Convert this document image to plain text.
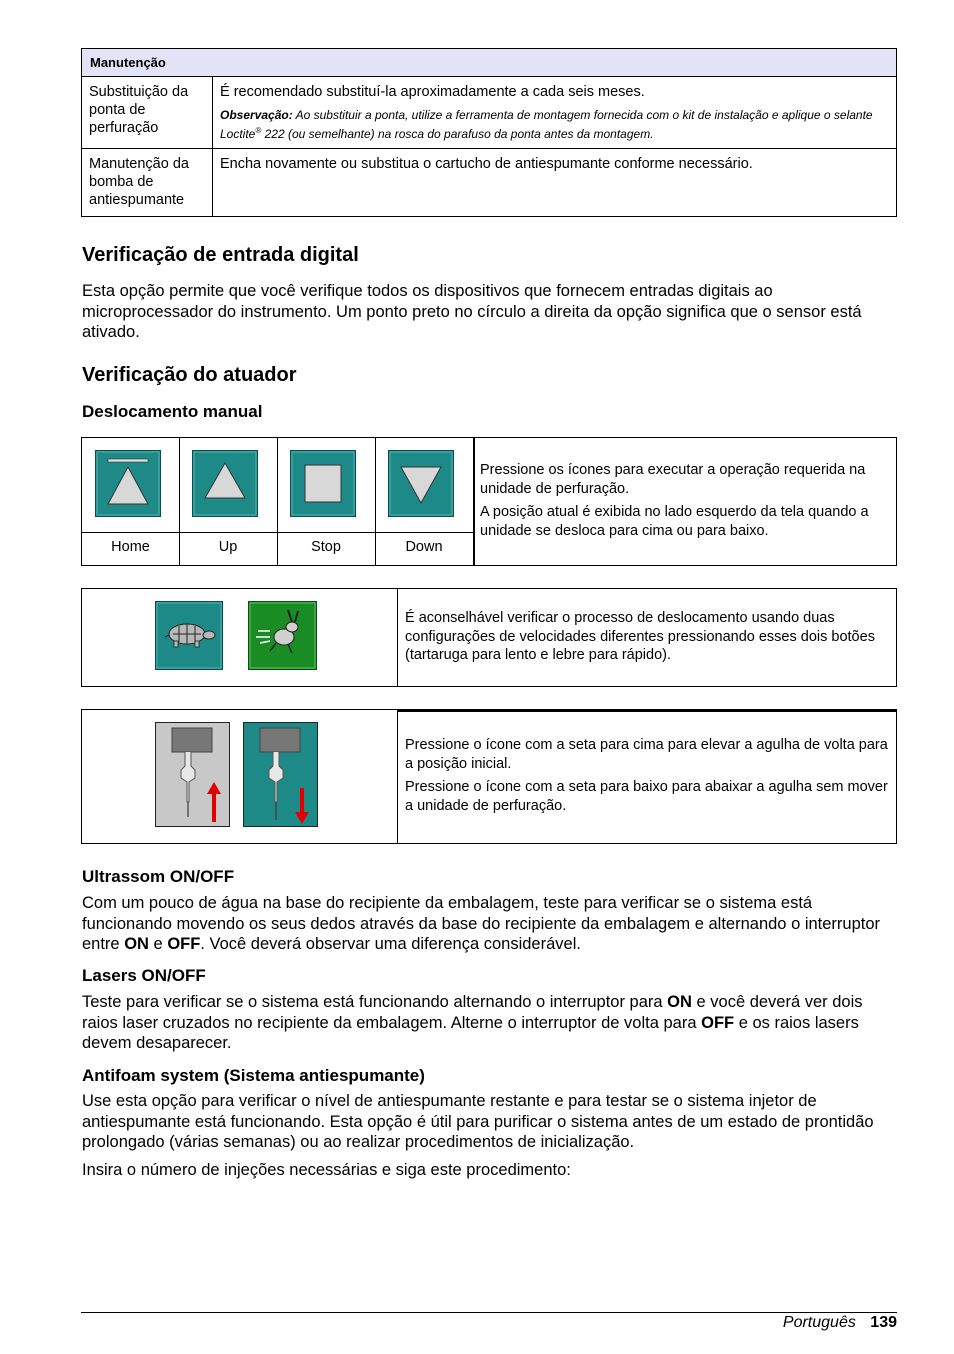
Manutenção	
Substituição da ponta de perfuração	É recomendado substituí-la aproximadamente a cada seis meses.
Observação: Ao substituir a ponta, utilize a ferramenta de montagem fornecida com o kit de instalação e aplique o selante Loctite® 222 (ou semelhante) na rosca do parafuso da ponta antes da montagem.

Manutenção da bomba de antiespumante	Encha novamente ou substitua o cartucho de antiespumante conforme necessário.
Verificação de entrada digital

Esta opção permite que você verifique todos os dispositivos que fornecem entradas digitais ao microprocessador do instrumento. Um ponto preto no círculo a direita da opção significa que o sensor está ativado.

Verificação do atuador
Deslocamento manual
Home	Up	Stop	Down
Pressione os ícones para executar a operação requerida na unidade de perfuração.
A posição atual é exibida no lado esquerdo da tela quando a unidade se desloca para cima ou para baixo.
É aconselhável verificar o processo de deslocamento usando duas configurações de velocidades diferentes pressionando esses dois botões (tartaruga para lento e lebre para rápido).
Pressione o ícone com a seta para cima para elevar a agulha de volta para a posição inicial.
Pressione o ícone com a seta para baixo para abaixar a agulha sem mover a unidade de perfuração.
Ultrassom ON/OFF

Com um pouco de água na base do recipiente da embalagem, teste para verificar se o sistema está funcionando movendo os seus dedos através da base do recipiente da embalagem e alternando o interruptor entre ON e OFF. Você deverá observar uma diferença considerável.

Lasers ON/OFF

Teste para verificar se o sistema está funcionando alternando o interruptor para ON e você deverá ver dois raios laser cruzados no recipiente da embalagem. Alterne o interruptor de volta para OFF e os raios lasers devem desaparecer.

Antifoam system (Sistema antiespumante)

Use esta opção para verificar o nível de antiespumante restante e para testar se o sistema injetor de antiespumante está funcionando. Esta opção é útil para purificar o sistema antes de um estado de prontidão prolongado (várias semanas) ou ao realizar procedimentos de inicialização.

Insira o número de injeções necessárias e siga este procedimento:

Português 139
